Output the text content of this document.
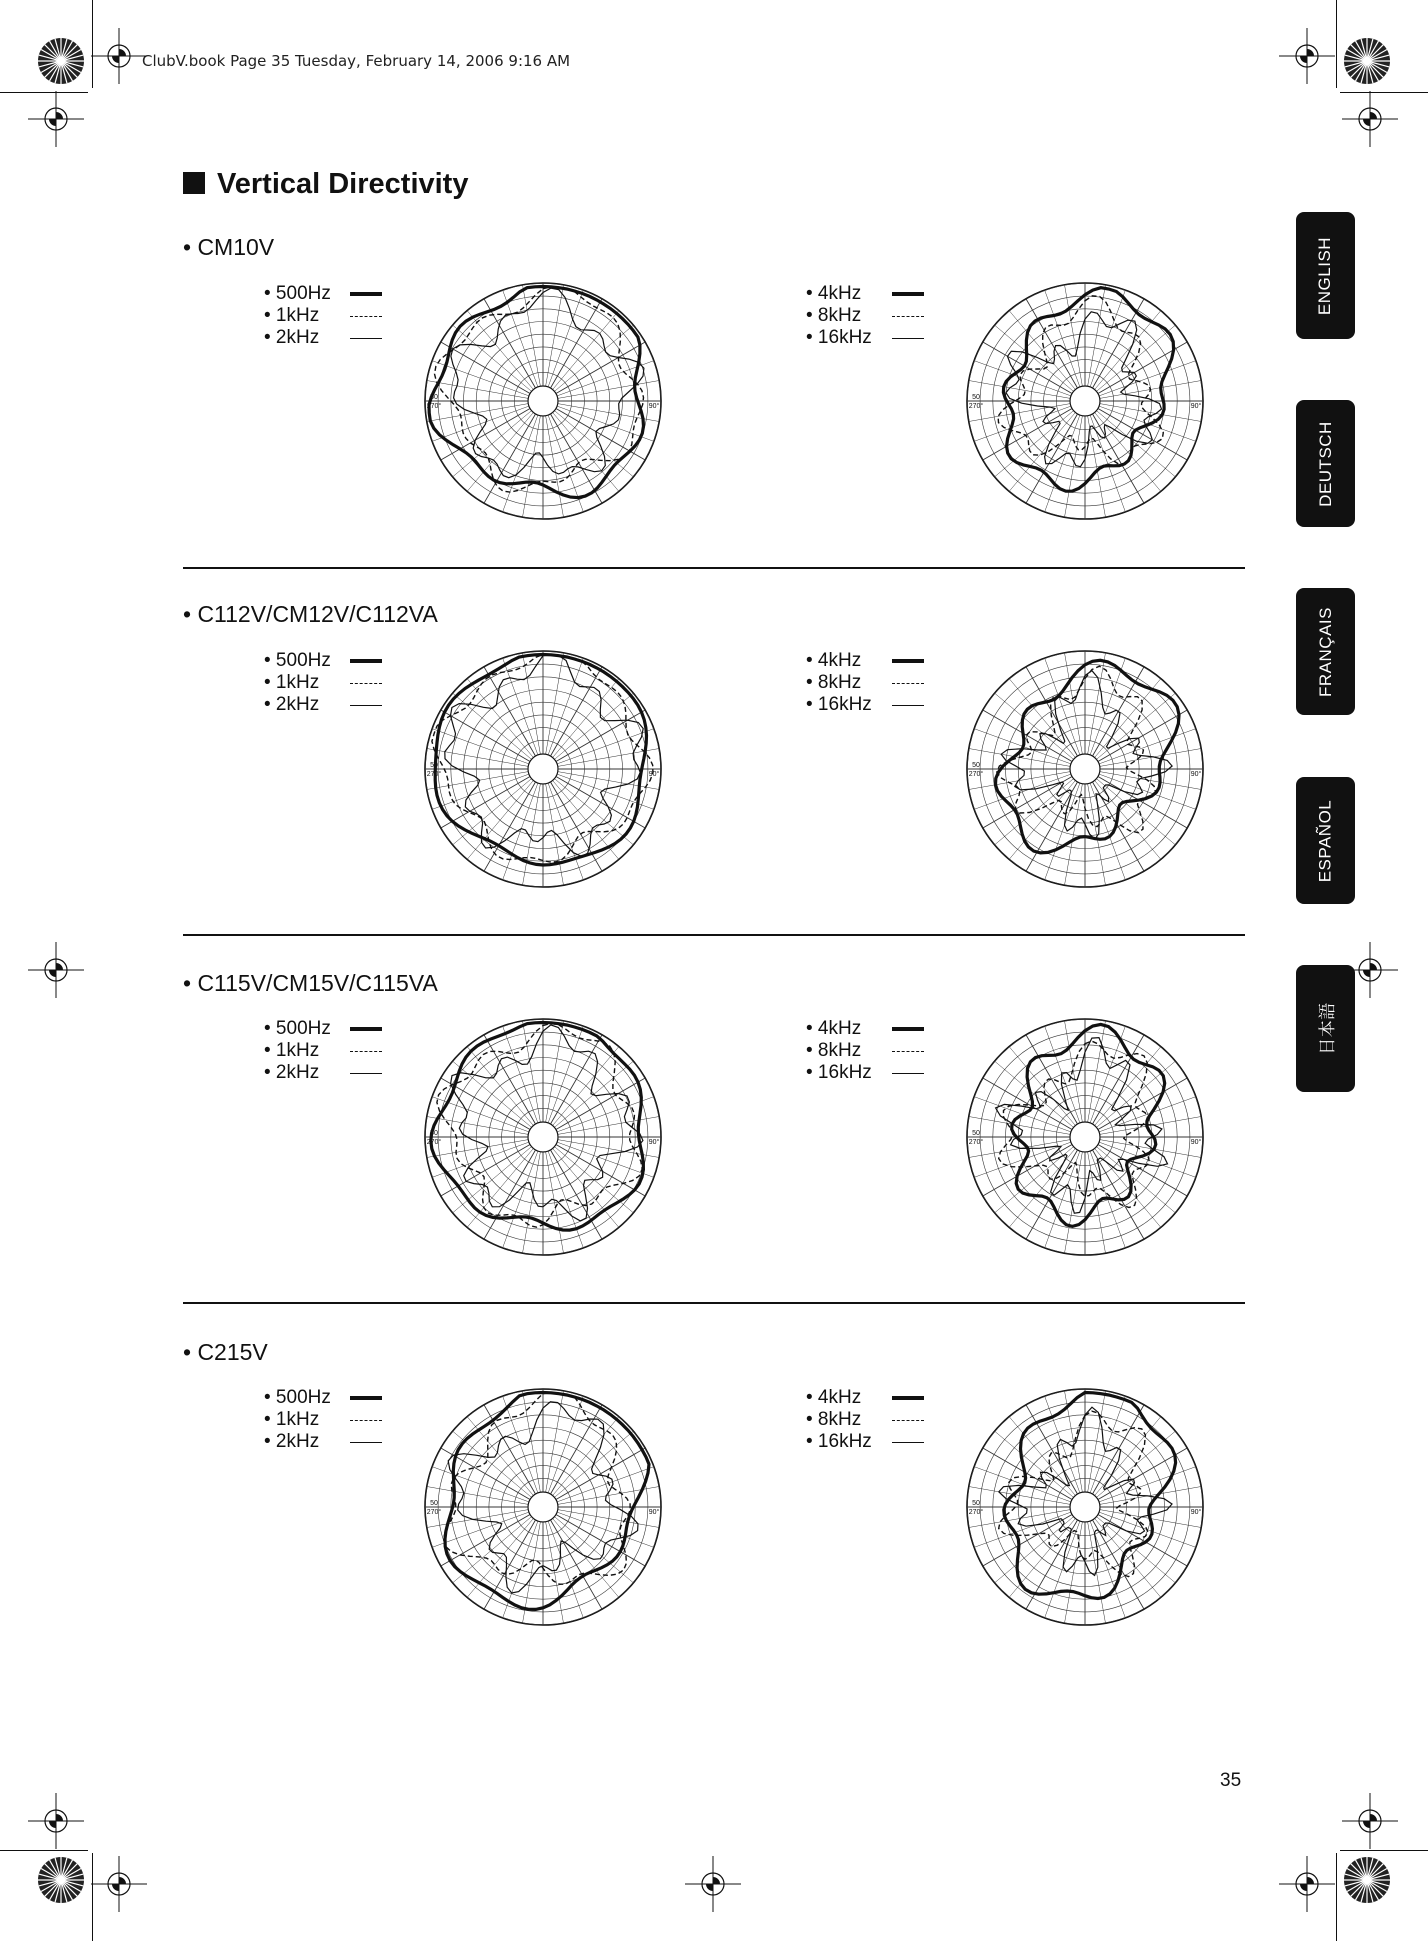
ClubV.book Page 35 Tuesday, February 14, 2006 9:16 AM
Vertical Directivity
• CM10V
• 500Hz
• 1kHz
• 2kHz
• 4kHz
• 8kHz
• 16kHz
50
270°	90°
50
270°	90°
• C112V/CM12V/C112VA
• 500Hz
• 1kHz
• 2kHz
• 4kHz
• 8kHz
• 16kHz
50
270°	90°
50
270°	90°
• C115V/CM15V/C115VA
• 500Hz
• 1kHz
• 2kHz
• 4kHz
• 8kHz
• 16kHz
50
270°	90°
50
270°	90°
• C215V
• 500Hz
• 1kHz
• 2kHz
• 4kHz
• 8kHz
• 16kHz
50
270°	90°
50
270°	90°
ENGLISH
DEUTSCH
FRANÇAIS
ESPAÑOL
日本語
35
